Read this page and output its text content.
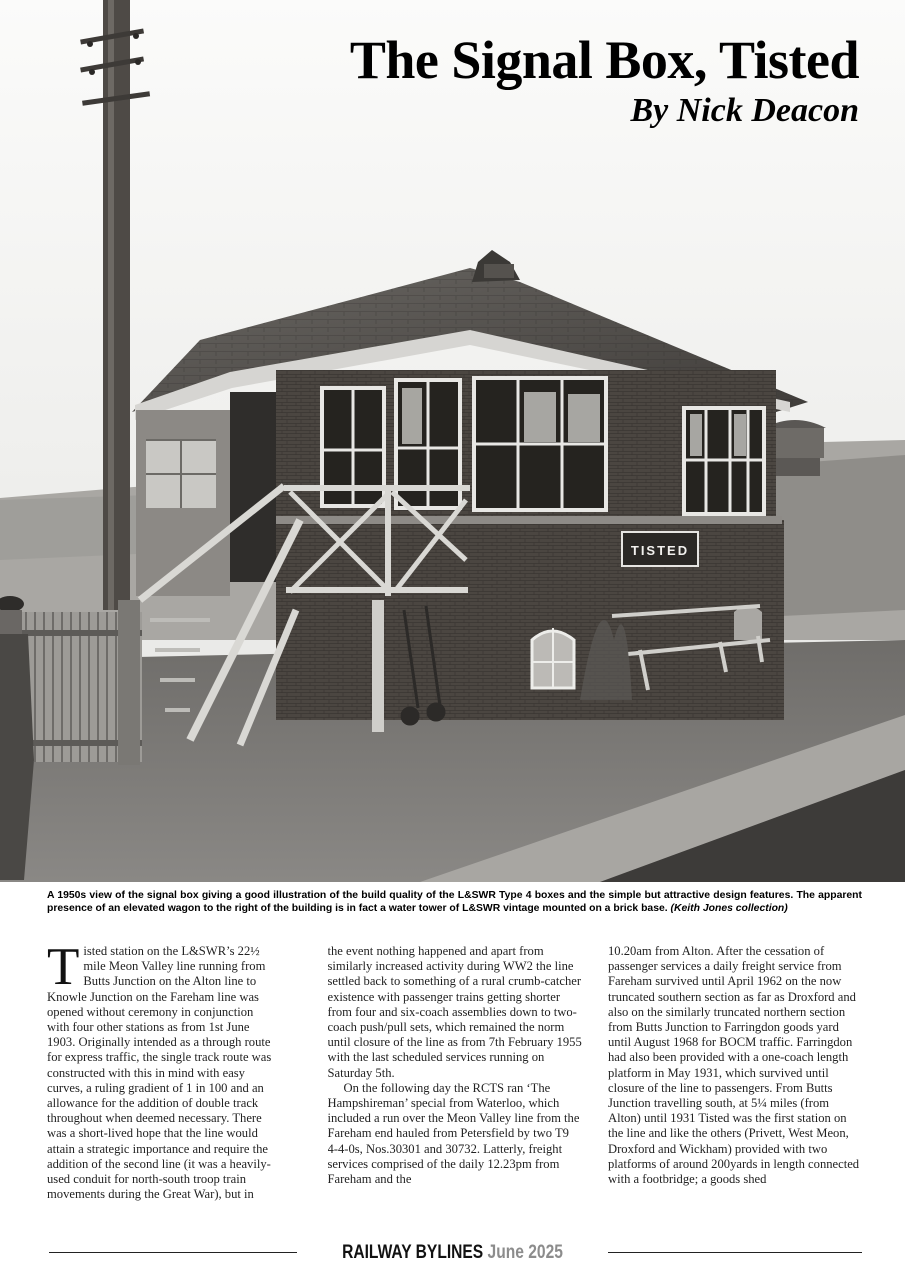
TISTED
The Signal Box, Tisted
By Nick Deacon
A 1950s view of the signal box giving a good illustration of the build quality of the L&SWR Type 4 boxes and the simple but attractive design features. The apparent presence of an elevated wagon to the right of the building is in fact a water tower of L&SWR vintage mounted on a brick base. (Keith Jones collection)
T isted station on the L&SWR’s 22½
mile Meon Valley line running from
Butts Junction on the Alton line to
Knowle Junction on the Fareham line was
opened without ceremony in conjunction
with four other stations as from 1st June
1903. Originally intended as a through route
for express traffic, the single track route was
constructed with this in mind with easy
curves, a ruling gradient of 1 in 100 and an
allowance for the addition of double track
throughout when deemed necessary. There
was a short-lived hope that the line would
attain a strategic importance and require the
addition of the second line (it was a heavily-
used conduit for north-south troop train
movements during the Great War), but in

the event nothing happened and apart from similarly increased activity during WW2 the line settled back to something of a rural crumb-catcher existence with passenger trains getting shorter from four and six-coach assemblies down to two-coach push/pull sets, which remained the norm until closure of the line as from 7th February 1955 with the last scheduled services running on Saturday 5th.

On the following day the RCTS ran ‘The Hampshireman’ special from Waterloo, which included a run over the Meon Valley line from the Fareham end hauled from Petersfield by two T9 4-4-0s, Nos.30301 and 30732. Latterly, freight services comprised of the daily 12.23pm from Fareham and the

10.20am from Alton. After the cessation of passenger services a daily freight service from Fareham survived until April 1962 on the now truncated southern section as far as Droxford and also on the similarly truncated northern section from Butts Junction to Farringdon goods yard until August 1968 for BOCM traffic. Farringdon had also been provided with a one-coach length platform in May 1931, which survived until closure of the line to passengers. From Butts Junction travelling south, at 5¼ miles (from Alton) until 1931 Tisted was the first station on the line and like the others (Privett, West Meon, Droxford and Wickham) provided with two platforms of around 200yards in length connected with a footbridge; a goods shed

RAILWAY BYLINES June 2025
